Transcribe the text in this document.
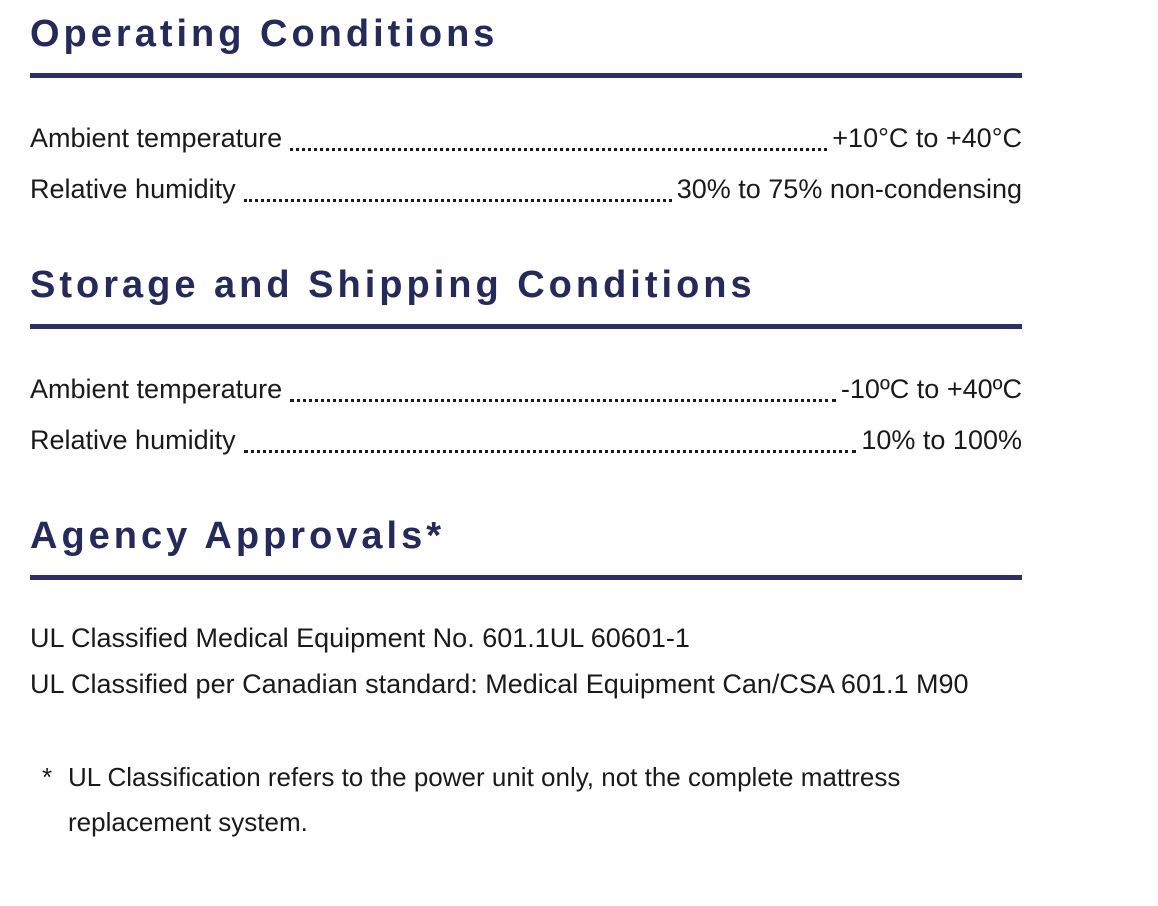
Operating Conditions
Ambient temperature	+10°C to +40°C
Relative humidity	30% to 75% non-condensing
Storage and Shipping Conditions
Ambient temperature	-10ºC to +40ºC
Relative humidity	10% to 100%
Agency Approvals*
UL Classified Medical Equipment No. 601.1UL 60601-1
UL Classified per Canadian standard: Medical Equipment Can/CSA 601.1 M90
* UL Classification refers to the power unit only, not the complete mattress replacement system.
